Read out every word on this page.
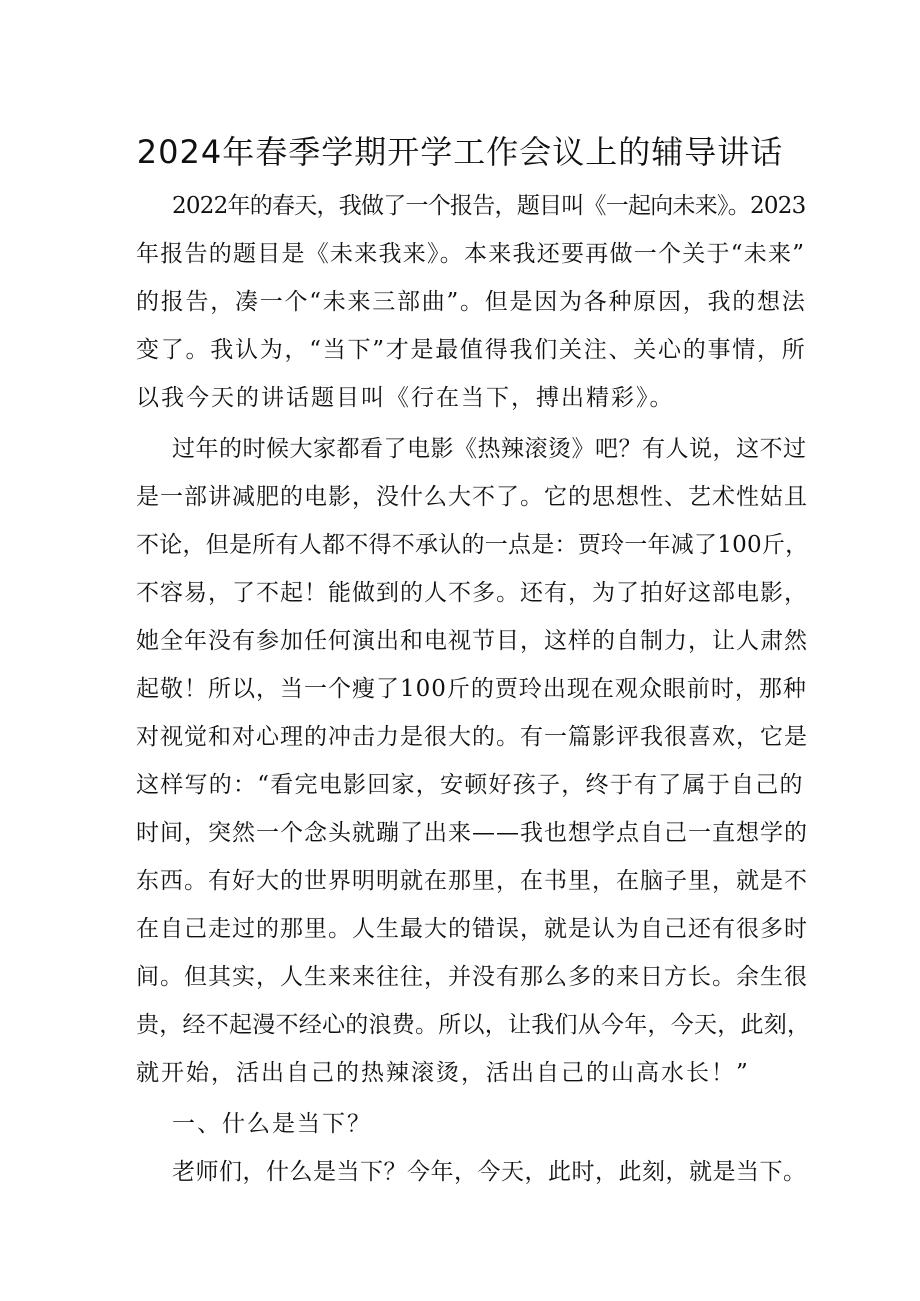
2024年春季学期开学工作会议上的辅导讲话
2022年的春天，我做了一个报告，题目叫《一起向未来》。2023
年报告的题目是《未来我来》。本来我还要再做一个关于“未来”
的报告，凑一个“未来三部曲”。但是因为各种原因，我的想法
变了。我认为，“当下”才是最值得我们关注、关心的事情，所
以我今天的讲话题目叫《行在当下，搏出精彩》。
过年的时候大家都看了电影《热辣滚烫》吧？有人说，这不过
是一部讲减肥的电影，没什么大不了。它的思想性、艺术性姑且
不论，但是所有人都不得不承认的一点是：贾玲一年减了100斤，
不容易，了不起！能做到的人不多。还有，为了拍好这部电影，
她全年没有参加任何演出和电视节目，这样的自制力，让人肃然
起敬！所以，当一个瘦了100斤的贾玲出现在观众眼前时，那种
对视觉和对心理的冲击力是很大的。有一篇影评我很喜欢，它是
这样写的：“看完电影回家，安顿好孩子，终于有了属于自己的
时间，突然一个念头就蹦了出来——我也想学点自己一直想学的
东西。有好大的世界明明就在那里，在书里，在脑子里，就是不
在自己走过的那里。人生最大的错误，就是认为自己还有很多时
间。但其实，人生来来往往，并没有那么多的来日方长。余生很
贵，经不起漫不经心的浪费。所以，让我们从今年，今天，此刻，
就开始，活出自己的热辣滚烫，活出自己的山高水长！”
一、什么是当下？
老师们，什么是当下？今年，今天，此时，此刻，就是当下。
